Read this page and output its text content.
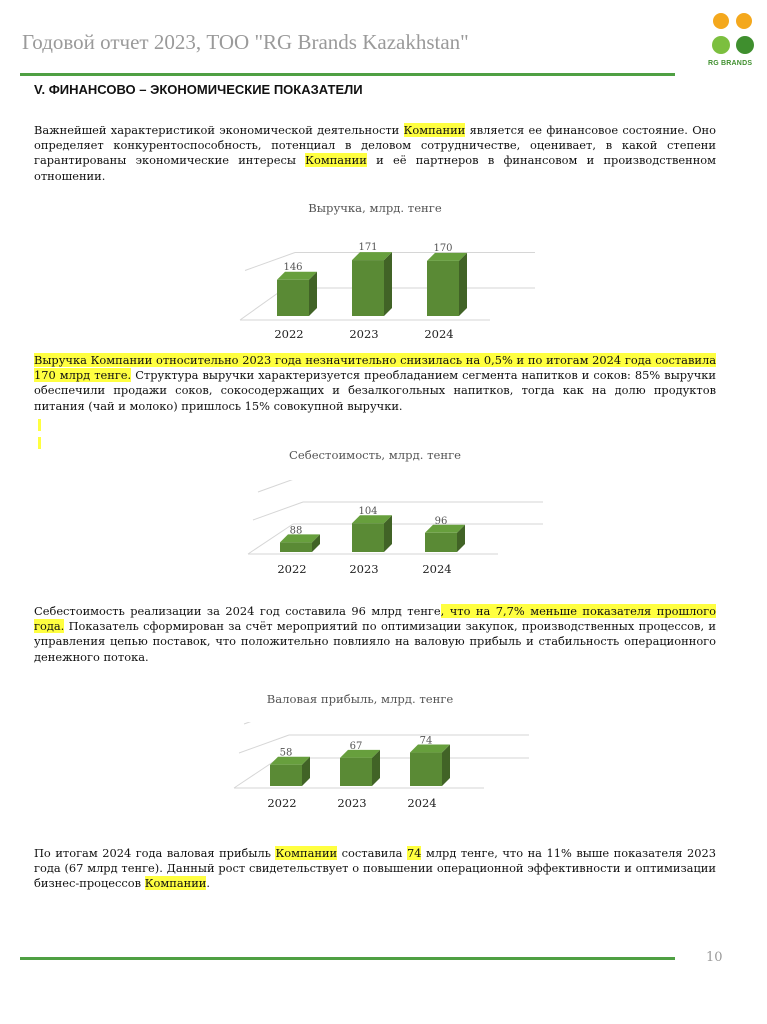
Годовой отчет 2023, ТОО "RG Brands Kazakhstan"
RG BRANDS
V. ФИНАНСОВО – ЭКОНОМИЧЕСКИЕ ПОКАЗАТЕЛИ
Важнейшей характеристикой экономической деятельности Компании является ее финансовое состояние. Оно определяет конкурентоспособность, потенциал в деловом сотрудничестве, оценивает, в какой степени гарантированы экономические интересы Компании и её партнеров в финансовом и производственном отношении.
Выручка, млрд. тенге
146
2022
171
2023
170
2024
Выручка Компании относительно 2023 года незначительно снизилась на 0,5% и по итогам 2024 года составила 170 млрд тенге. Структура выручки характеризуется преобладанием сегмента напитков и соков: 85% выручки обеспечили продажи соков, сокосодержащих и безалкогольных напитков, тогда как на долю продуктов питания (чай и молоко) пришлось 15% совокупной выручки.
Себестоимость, млрд. тенге
88
2022
104
2023
96
2024
Себестоимость реализации за 2024 год составила 96 млрд тенге, что на 7,7% меньше показателя прошлого года. Показатель сформирован за счёт мероприятий по оптимизации закупок, производственных процессов, и управления цепью поставок, что положительно повлияло на валовую прибыль и стабильность операционного денежного потока.
Валовая прибыль, млрд. тенге
58
2022
67
2023
74
2024
По итогам 2024 года валовая прибыль Компании составила 74 млрд тенге, что на 11% выше показателя 2023 года (67 млрд тенге). Данный рост свидетельствует о повышении операционной эффективности и оптимизации бизнес-процессов Компании.
10
